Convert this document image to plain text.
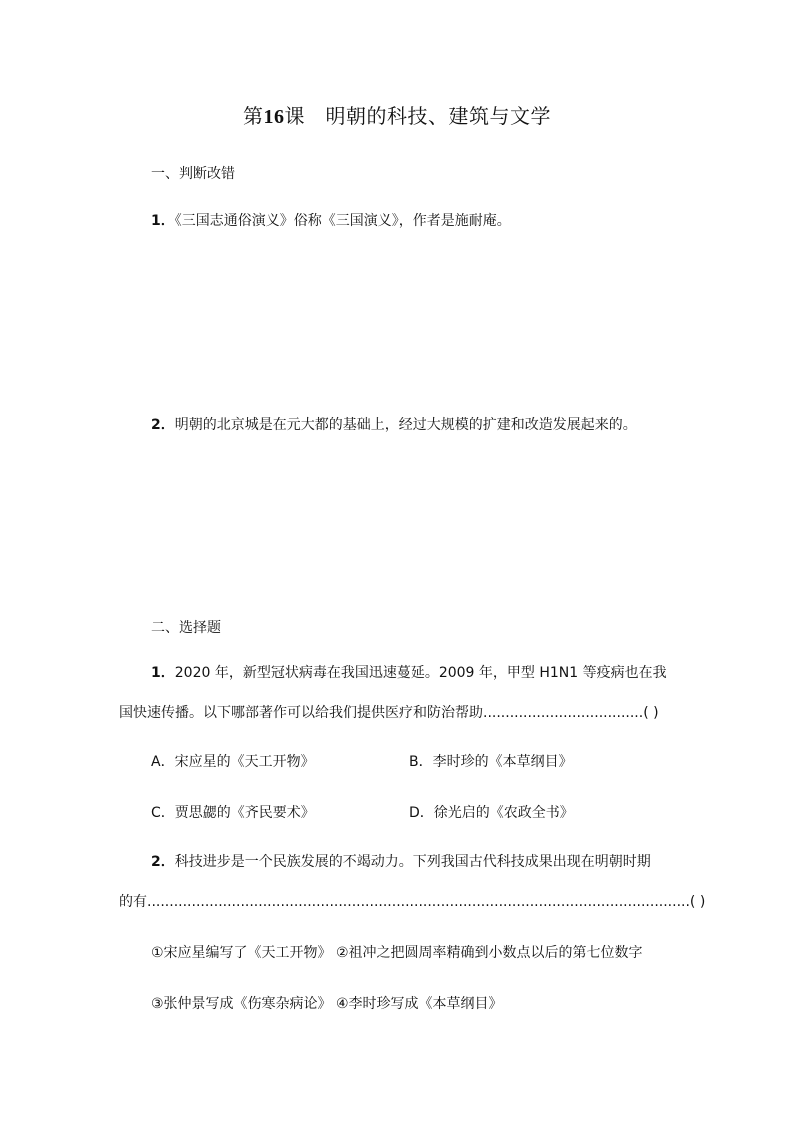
第16课　明朝的科技、建筑与文学
一、判断改错
1．《三国志通俗演义》俗称《三国演义》，作者是施耐庵。
2．明朝的北京城是在元大都的基础上，经过大规模的扩建和改造发展起来的。
二、选择题
1．2020 年，新型冠状病毒在我国迅速蔓延。2009 年，甲型 H1N1 等疫病也在我
国快速传播。以下哪部著作可以给我们提供医疗和防治帮助....................................( )
A．宋应星的《天工开物》	B．李时珍的《本草纲目》
C．贾思勰的《齐民要术》	D．徐光启的《农政全书》
2．科技进步是一个民族发展的不竭动力。下列我国古代科技成果出现在明朝时期
的有..........................................................................................................................( )
①宋应星编写了《天工开物》 ②祖冲之把圆周率精确到小数点以后的第七位数字
③张仲景写成《伤寒杂病论》 ④李时珍写成《本草纲目》
